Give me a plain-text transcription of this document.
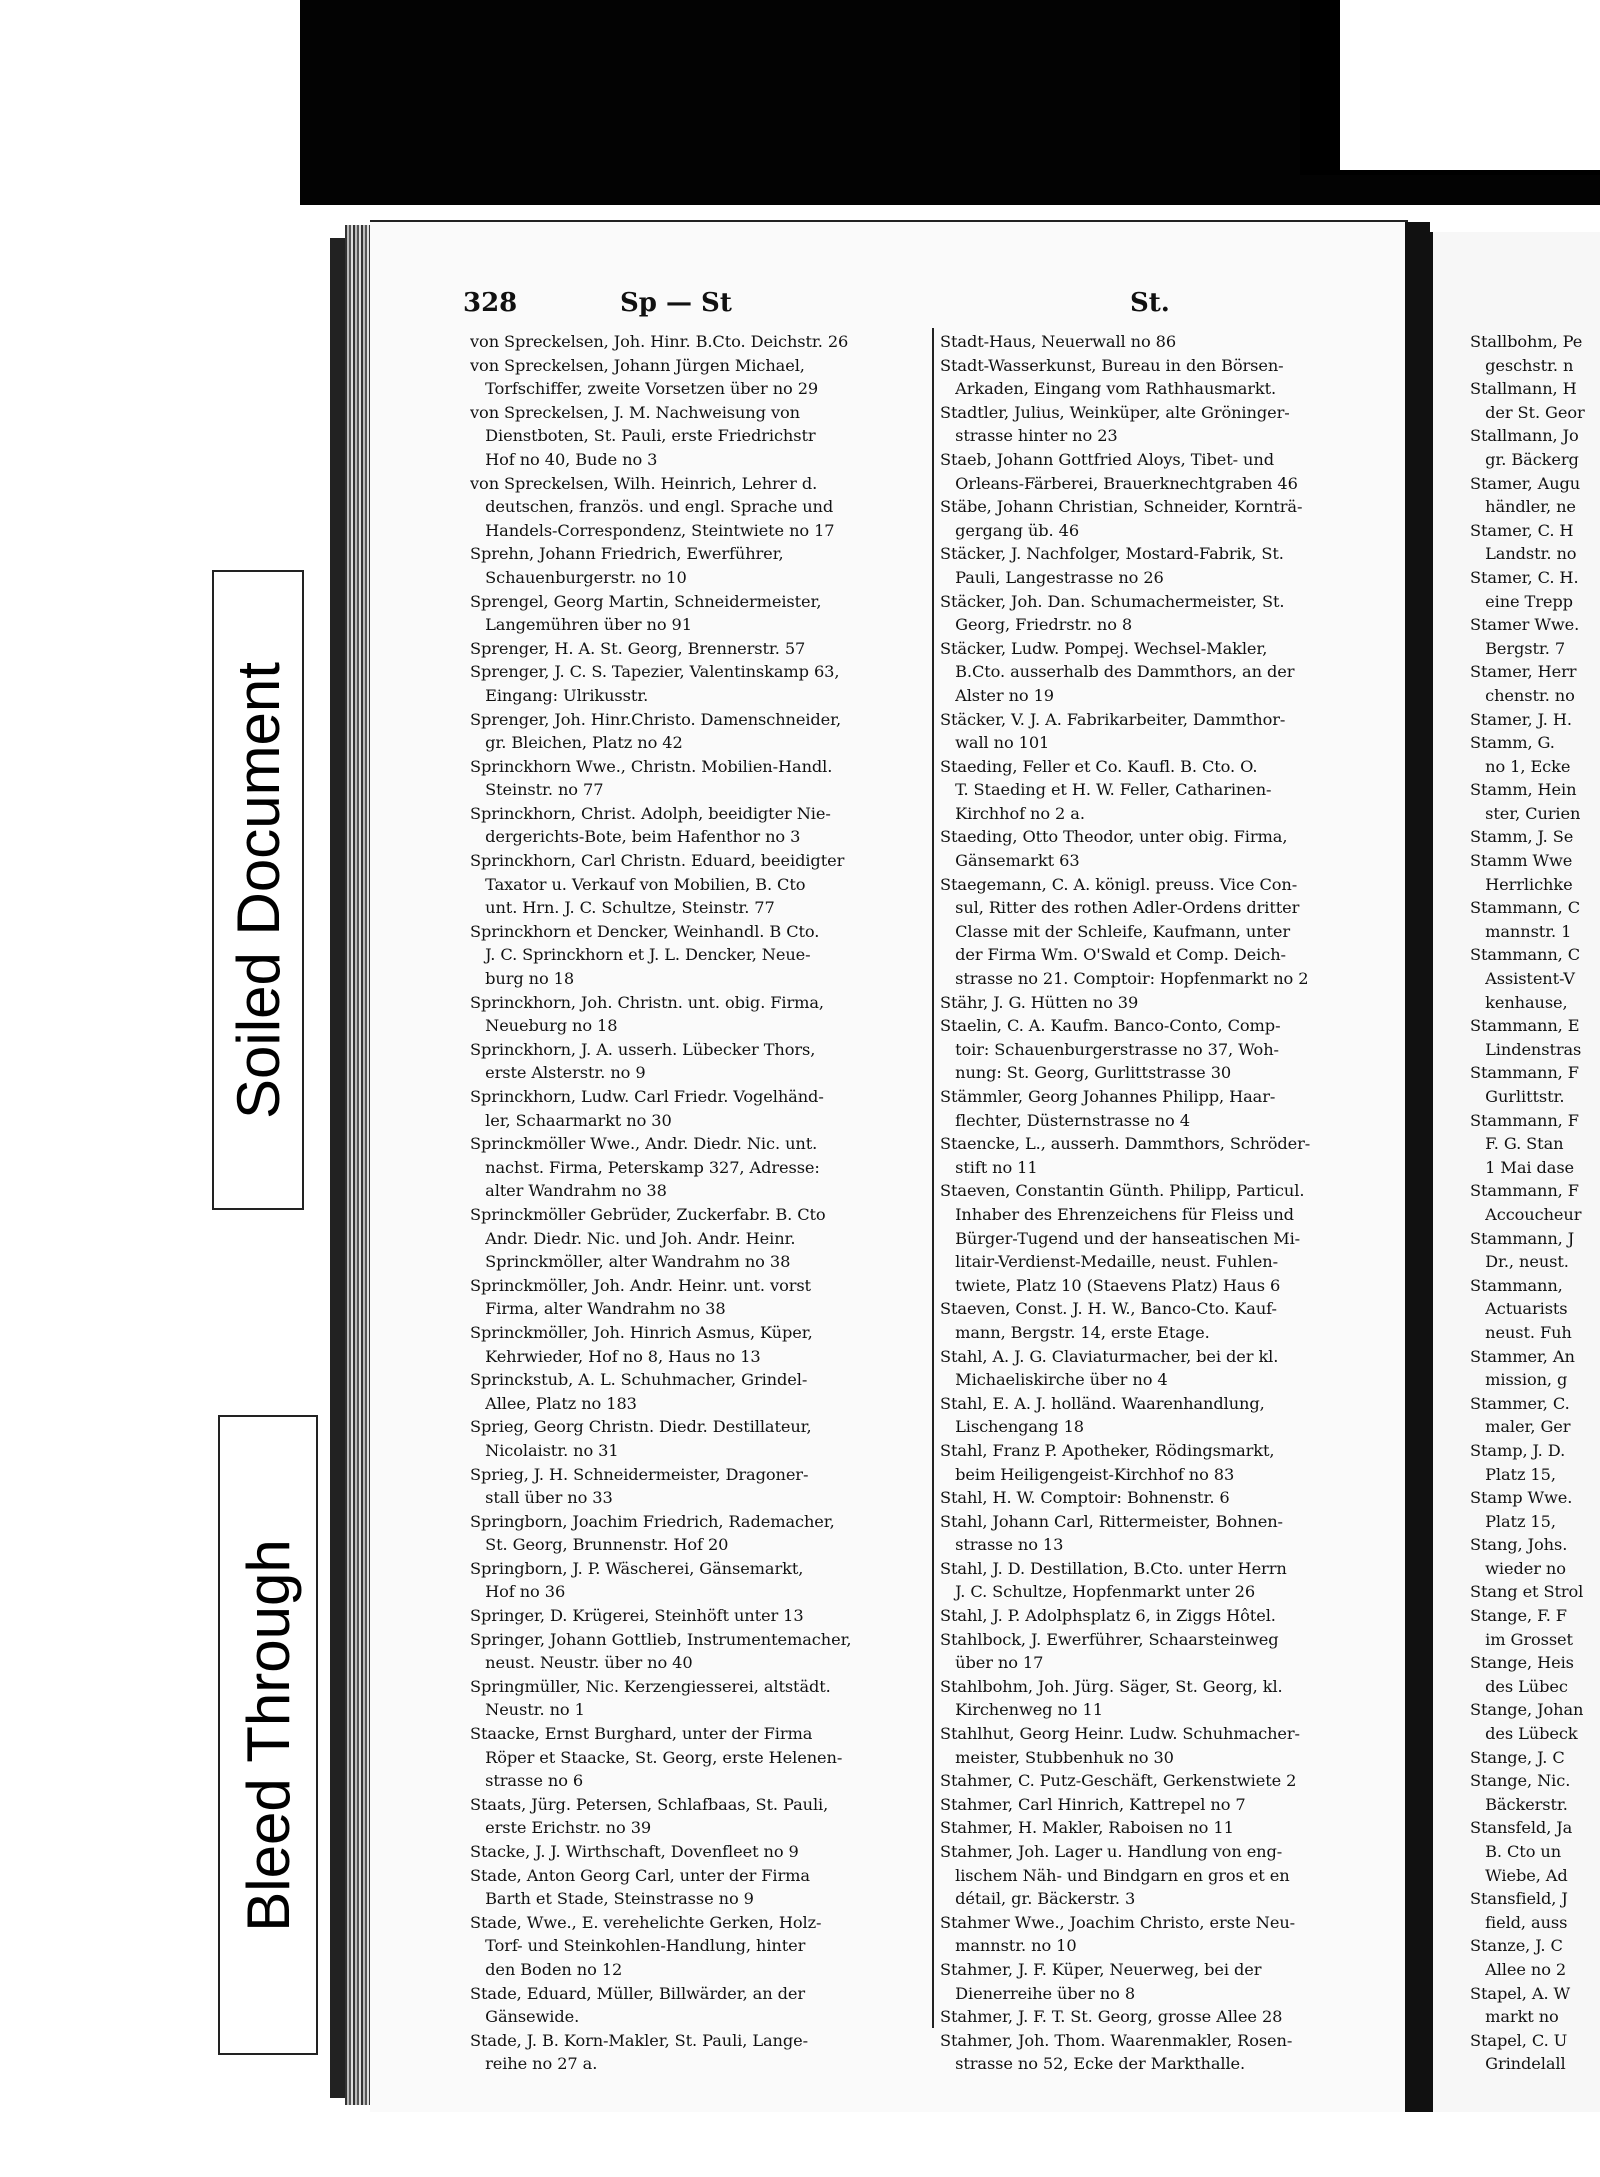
Soiled Document
Bleed Through
328	Sp — St	St.
von Spreckelsen, Joh. Hinr. B.Cto. Deichstr. 26
von Spreckelsen, Johann Jürgen Michael,
Torfschiffer, zweite Vorsetzen über no 29
von Spreckelsen, J. M. Nachweisung von
Dienstboten, St. Pauli, erste Friedrichstr
Hof no 40, Bude no 3
von Spreckelsen, Wilh. Heinrich, Lehrer d.
deutschen, französ. und engl. Sprache und
Handels-Correspondenz, Steintwiete no 17
Sprehn, Johann Friedrich, Ewerführer,
Schauenburgerstr. no 10
Sprengel, Georg Martin, Schneidermeister,
Langemühren über no 91
Sprenger, H. A. St. Georg, Brennerstr. 57
Sprenger, J. C. S. Tapezier, Valentinskamp 63,
Eingang: Ulrikusstr.
Sprenger, Joh. Hinr.Christo. Damenschneider,
gr. Bleichen, Platz no 42
Sprinckhorn Wwe., Christn. Mobilien-Handl.
Steinstr. no 77
Sprinckhorn, Christ. Adolph, beeidigter Nie-
dergerichts-Bote, beim Hafenthor no 3
Sprinckhorn, Carl Christn. Eduard, beeidigter
Taxator u. Verkauf von Mobilien, B. Cto
unt. Hrn. J. C. Schultze, Steinstr. 77
Sprinckhorn et Dencker, Weinhandl. B Cto.
J. C. Sprinckhorn et J. L. Dencker, Neue-
burg no 18
Sprinckhorn, Joh. Christn. unt. obig. Firma,
Neueburg no 18
Sprinckhorn, J. A. usserh. Lübecker Thors,
erste Alsterstr. no 9
Sprinckhorn, Ludw. Carl Friedr. Vogelhänd-
ler, Schaarmarkt no 30
Sprinckmöller Wwe., Andr. Diedr. Nic. unt.
nachst. Firma, Peterskamp 327, Adresse:
alter Wandrahm no 38
Sprinckmöller Gebrüder, Zuckerfabr. B. Cto
Andr. Diedr. Nic. und Joh. Andr. Heinr.
Sprinckmöller, alter Wandrahm no 38
Sprinckmöller, Joh. Andr. Heinr. unt. vorst
Firma, alter Wandrahm no 38
Sprinckmöller, Joh. Hinrich Asmus, Küper,
Kehrwieder, Hof no 8, Haus no 13
Sprinckstub, A. L. Schuhmacher, Grindel-
Allee, Platz no 183
Sprieg, Georg Christn. Diedr. Destillateur,
Nicolaistr. no 31
Sprieg, J. H. Schneidermeister, Dragoner-
stall über no 33
Springborn, Joachim Friedrich, Rademacher,
St. Georg, Brunnenstr. Hof 20
Springborn, J. P. Wäscherei, Gänsemarkt,
Hof no 36
Springer, D. Krügerei, Steinhöft unter 13
Springer, Johann Gottlieb, Instrumentemacher,
neust. Neustr. über no 40
Springmüller, Nic. Kerzengiesserei, altstädt.
Neustr. no 1
Staacke, Ernst Burghard, unter der Firma
Röper et Staacke, St. Georg, erste Helenen-
strasse no 6
Staats, Jürg. Petersen, Schlafbaas, St. Pauli,
erste Erichstr. no 39
Stacke, J. J. Wirthschaft, Dovenfleet no 9
Stade, Anton Georg Carl, unter der Firma
Barth et Stade, Steinstrasse no 9
Stade, Wwe., E. verehelichte Gerken, Holz-
Torf- und Steinkohlen-Handlung, hinter
den Boden no 12
Stade, Eduard, Müller, Billwärder, an der
Gänsewide.
Stade, J. B. Korn-Makler, St. Pauli, Lange-
reihe no 27 a.
Stadt-Haus, Neuerwall no 86
Stadt-Wasserkunst, Bureau in den Börsen-
Arkaden, Eingang vom Rathhausmarkt.
Stadtler, Julius, Weinküper, alte Gröninger-
strasse hinter no 23
Staeb, Johann Gottfried Aloys, Tibet- und
Orleans-Färberei, Brauerknechtgraben 46
Stäbe, Johann Christian, Schneider, Kornträ-
gergang üb. 46
Stäcker, J. Nachfolger, Mostard-Fabrik, St.
Pauli, Langestrasse no 26
Stäcker, Joh. Dan. Schumachermeister, St.
Georg, Friedrstr. no 8
Stäcker, Ludw. Pompej. Wechsel-Makler,
B.Cto. ausserhalb des Dammthors, an der
Alster no 19
Stäcker, V. J. A. Fabrikarbeiter, Dammthor-
wall no 101
Staeding, Feller et Co. Kaufl. B. Cto. O.
T. Staeding et H. W. Feller, Catharinen-
Kirchhof no 2 a.
Staeding, Otto Theodor, unter obig. Firma,
Gänsemarkt 63
Staegemann, C. A. königl. preuss. Vice Con-
sul, Ritter des rothen Adler-Ordens dritter
Classe mit der Schleife, Kaufmann, unter
der Firma Wm. O'Swald et Comp. Deich-
strasse no 21. Comptoir: Hopfenmarkt no 2
Stähr, J. G. Hütten no 39
Staelin, C. A. Kaufm. Banco-Conto, Comp-
toir: Schauenburgerstrasse no 37, Woh-
nung: St. Georg, Gurlittstrasse 30
Stämmler, Georg Johannes Philipp, Haar-
flechter, Düsternstrasse no 4
Staencke, L., ausserh. Dammthors, Schröder-
stift no 11
Staeven, Constantin Günth. Philipp, Particul.
Inhaber des Ehrenzeichens für Fleiss und
Bürger-Tugend und der hanseatischen Mi-
litair-Verdienst-Medaille, neust. Fuhlen-
twiete, Platz 10 (Staevens Platz) Haus 6
Staeven, Const. J. H. W., Banco-Cto. Kauf-
mann, Bergstr. 14, erste Etage.
Stahl, A. J. G. Claviaturmacher, bei der kl.
Michaeliskirche über no 4
Stahl, E. A. J. holländ. Waarenhandlung,
Lischengang 18
Stahl, Franz P. Apotheker, Rödingsmarkt,
beim Heiligengeist-Kirchhof no 83
Stahl, H. W. Comptoir: Bohnenstr. 6
Stahl, Johann Carl, Rittermeister, Bohnen-
strasse no 13
Stahl, J. D. Destillation, B.Cto. unter Herrn
J. C. Schultze, Hopfenmarkt unter 26
Stahl, J. P. Adolphsplatz 6, in Ziggs Hôtel.
Stahlbock, J. Ewerführer, Schaarsteinweg
über no 17
Stahlbohm, Joh. Jürg. Säger, St. Georg, kl.
Kirchenweg no 11
Stahlhut, Georg Heinr. Ludw. Schuhmacher-
meister, Stubbenhuk no 30
Stahmer, C. Putz-Geschäft, Gerkenstwiete 2
Stahmer, Carl Hinrich, Kattrepel no 7
Stahmer, H. Makler, Raboisen no 11
Stahmer, Joh. Lager u. Handlung von eng-
lischem Näh- und Bindgarn en gros et en
détail, gr. Bäckerstr. 3
Stahmer Wwe., Joachim Christo, erste Neu-
mannstr. no 10
Stahmer, J. F. Küper, Neuerweg, bei der
Dienerreihe über no 8
Stahmer, J. F. T. St. Georg, grosse Allee 28
Stahmer, Joh. Thom. Waarenmakler, Rosen-
strasse no 52, Ecke der Markthalle.
Stallbohm, Pe
geschstr. n
Stallmann, H
der St. Geor
Stallmann, Jo
gr. Bäckerg
Stamer, Augu
händler, ne
Stamer, C. H
Landstr. no
Stamer, C. H.
eine Trepp
Stamer Wwe.
Bergstr. 7
Stamer, Herr
chenstr. no
Stamer, J. H.
Stamm, G.
no 1, Ecke
Stamm, Hein
ster, Curien
Stamm, J. Se
Stamm Wwe
Herrlichke
Stammann, C
mannstr. 1
Stammann, C
Assistent-V
kenhause,
Stammann, E
Lindenstras
Stammann, F
Gurlittstr.
Stammann, F
F. G. Stan
1 Mai dase
Stammann, F
Accoucheur
Stammann, J
Dr., neust.
Stammann,
Actuarists
neust. Fuh
Stammer, An
mission, g
Stammer, C.
maler, Ger
Stamp, J. D.
Platz 15,
Stamp Wwe.
Platz 15,
Stang, Johs.
wieder no
Stang et Strol
Stange, F. F
im Grosset
Stange, Heis
des Lübec
Stange, Johan
des Lübeck
Stange, J. C
Stange, Nic.
Bäckerstr.
Stansfeld, Ja
B. Cto un
Wiebe, Ad
Stansfield, J
field, auss
Stanze, J. C
Allee no 2
Stapel, A. W
markt no
Stapel, C. U
Grindelall
